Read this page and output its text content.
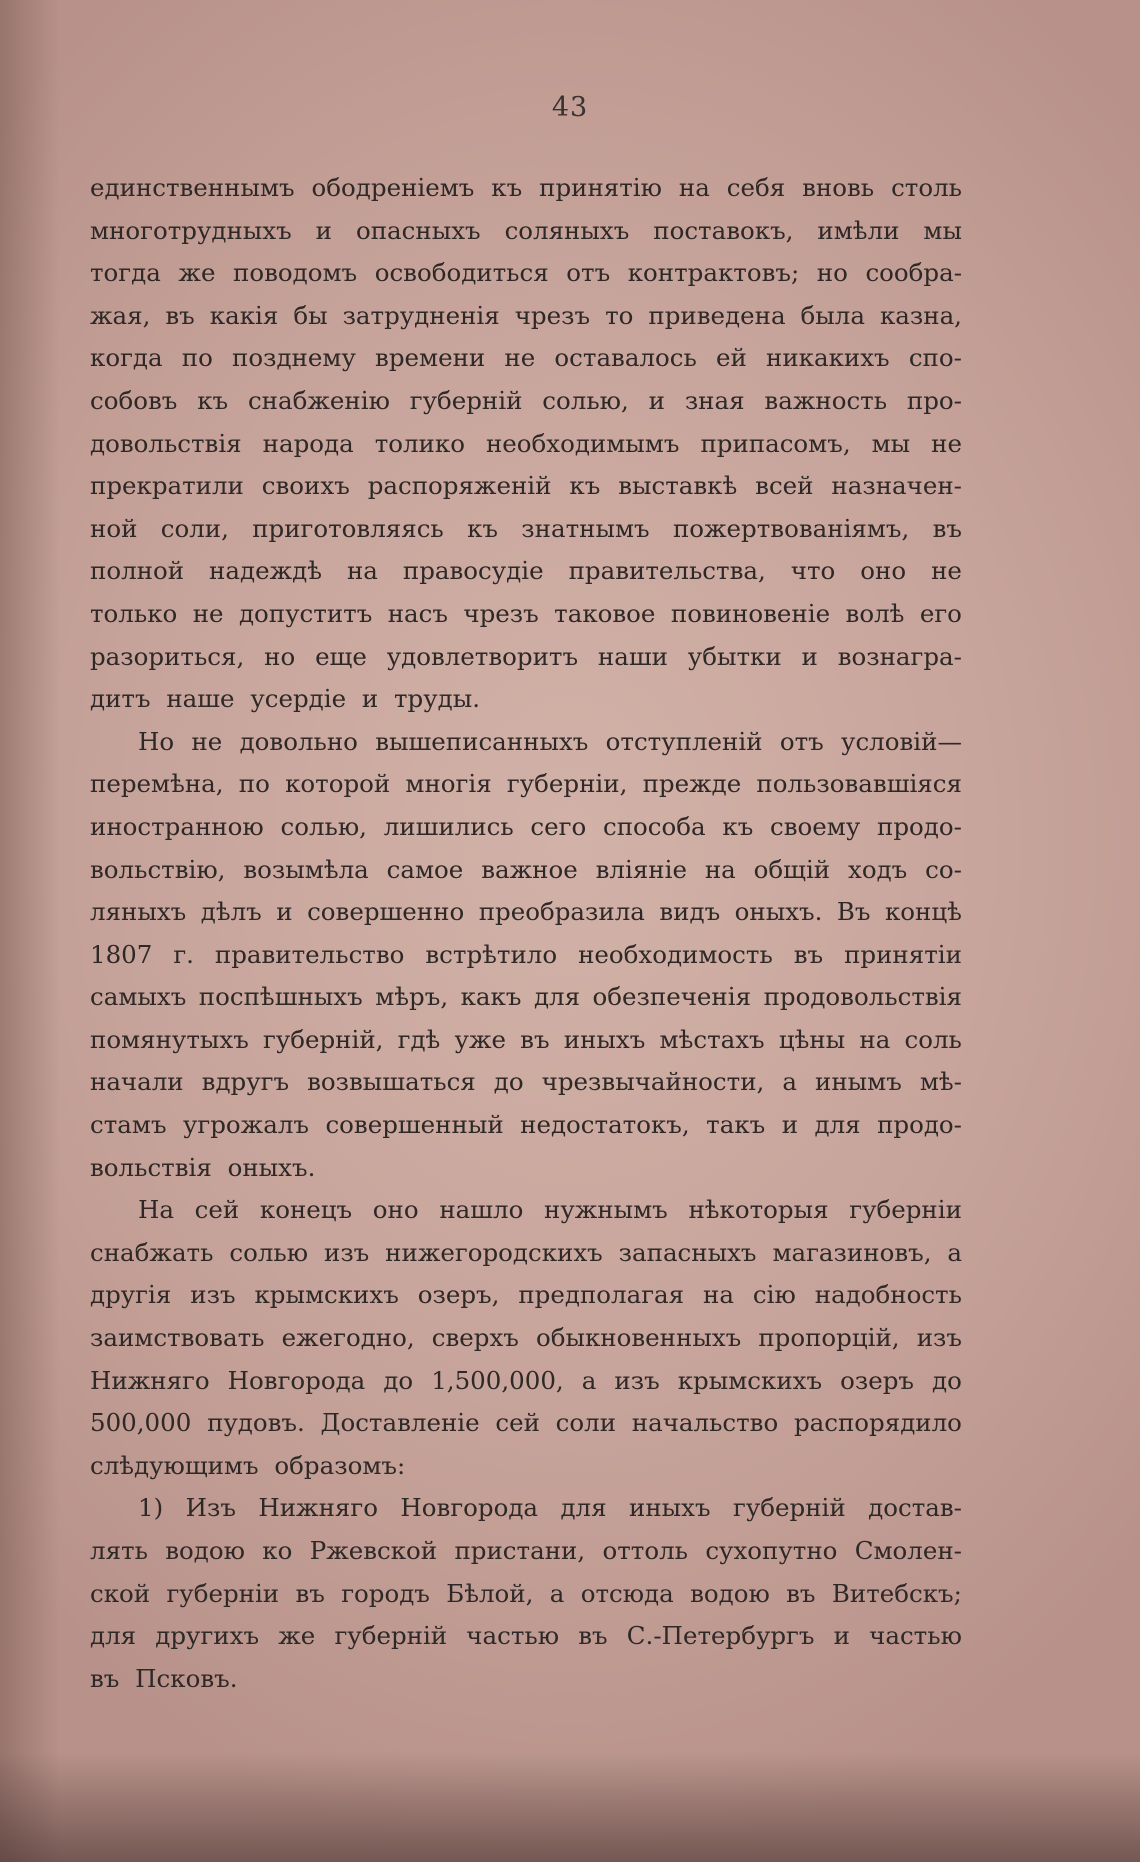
43
единственнымъ ободреніемъ къ принятію на себя вновь столь
многотрудныхъ и опасныхъ соляныхъ поставокъ, имѣли мы
тогда же поводомъ освободиться отъ контрактовъ; но сообра-
жая, въ какія бы затрудненія чрезъ то приведена была казна,
когда по позднему времени не оставалось ей никакихъ спо-
собовъ къ снабженію губерній солью, и зная важность про-
довольствія народа толико необходимымъ припасомъ, мы не
прекратили своихъ распоряженій къ выставкѣ всей назначен-
ной соли, приготовляясь къ знатнымъ пожертвованіямъ, въ
полной надеждѣ на правосудіе правительства, что оно не
только не допуститъ насъ чрезъ таковое повиновеніе волѣ его
разориться, но еще удовлетворитъ наши убытки и вознагра-
дитъ наше усердіе и труды.
Но не довольно вышеписанныхъ отступленій отъ условій—
перемѣна, по которой многія губерніи, прежде пользовавшіяся
иностранною солью, лишились сего способа къ своему продо-
вольствію, возымѣла самое важное вліяніе на общій ходъ со-
ляныхъ дѣлъ и совершенно преобразила видъ оныхъ. Въ концѣ
1807 г. правительство встрѣтило необходимость въ принятіи
самыхъ поспѣшныхъ мѣръ, какъ для обезпеченія продовольствія
помянутыхъ губерній, гдѣ уже въ иныхъ мѣстахъ цѣны на соль
начали вдругъ возвышаться до чрезвычайности, а инымъ мѣ-
стамъ угрожалъ совершенный недостатокъ, такъ и для продо-
вольствія оныхъ.
На сей конецъ оно нашло нужнымъ нѣкоторыя губерніи
снабжать солью изъ нижегородскихъ запасныхъ магазиновъ, а
другія изъ крымскихъ озеръ, предполагая на сію надобность
заимствовать ежегодно, сверхъ обыкновенныхъ пропорцій, изъ
Нижняго Новгорода до 1,500,000, а изъ крымскихъ озеръ до
500,000 пудовъ. Доставленіе сей соли начальство распорядило
слѣдующимъ образомъ:
1) Изъ Нижняго Новгорода для иныхъ губерній достав-
лять водою ко Ржевской пристани, оттоль сухопутно Смолен-
ской губерніи въ городъ Бѣлой, а отсюда водою въ Витебскъ;
для другихъ же губерній частью въ С.-Петербургъ и частью
въ Псковъ.
